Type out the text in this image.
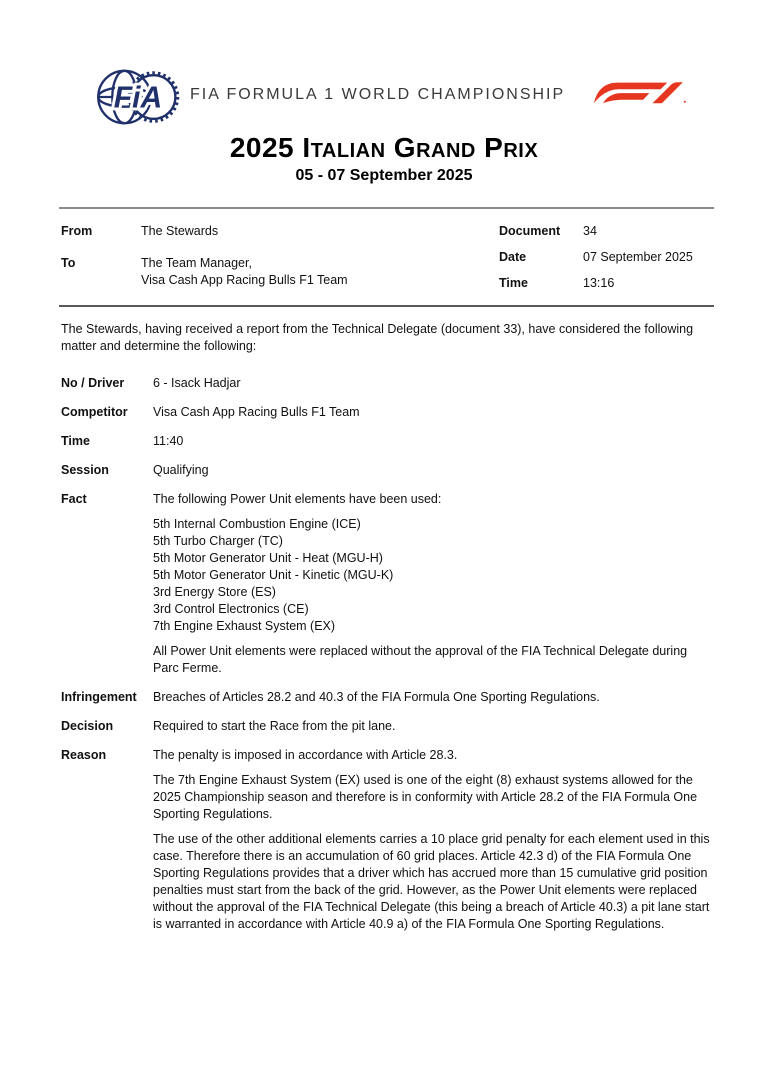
FiA FIA FORMULA 1 WORLD CHAMPIONSHIP
2025 Italian Grand Prix
05 - 07 September 2025
From	The Stewards
To	The Team Manager,
Visa Cash App Racing Bulls F1 Team
Document	34
Date	07 September 2025
Time	13:16

The Stewards, having received a report from the Technical Delegate (document 33), have considered the following matter and determine the following:

No / Driver	6 - Isack Hadjar

Competitor	Visa Cash App Racing Bulls F1 Team

Time	11:40

Session	Qualifying

Fact	The following Power Unit elements have been used:

5th Internal Combustion Engine (ICE)
5th Turbo Charger (TC)
5th Motor Generator Unit - Heat (MGU-H)
5th Motor Generator Unit - Kinetic (MGU-K)
3rd Energy Store (ES)
3rd Control Electronics (CE)
7th Engine Exhaust System (EX)

All Power Unit elements were replaced without the approval of the FIA Technical Delegate during Parc Ferme.

Infringement	Breaches of Articles 28.2 and 40.3 of the FIA Formula One Sporting Regulations.

Decision	Required to start the Race from the pit lane.

Reason	The penalty is imposed in accordance with Article 28.3.

The 7th Engine Exhaust System (EX) used is one of the eight (8) exhaust systems allowed for the 2025 Championship season and therefore is in conformity with Article 28.2 of the FIA Formula One Sporting Regulations.

The use of the other additional elements carries a 10 place grid penalty for each element used in this case. Therefore there is an accumulation of 60 grid places. Article 42.3 d) of the FIA Formula One Sporting Regulations provides that a driver which has accrued more than 15 cumulative grid position penalties must start from the back of the grid. However, as the Power Unit elements were replaced without the approval of the FIA Technical Delegate (this being a breach of Article 40.3) a pit lane start is warranted in accordance with Article 40.9 a) of the FIA Formula One Sporting Regulations.
